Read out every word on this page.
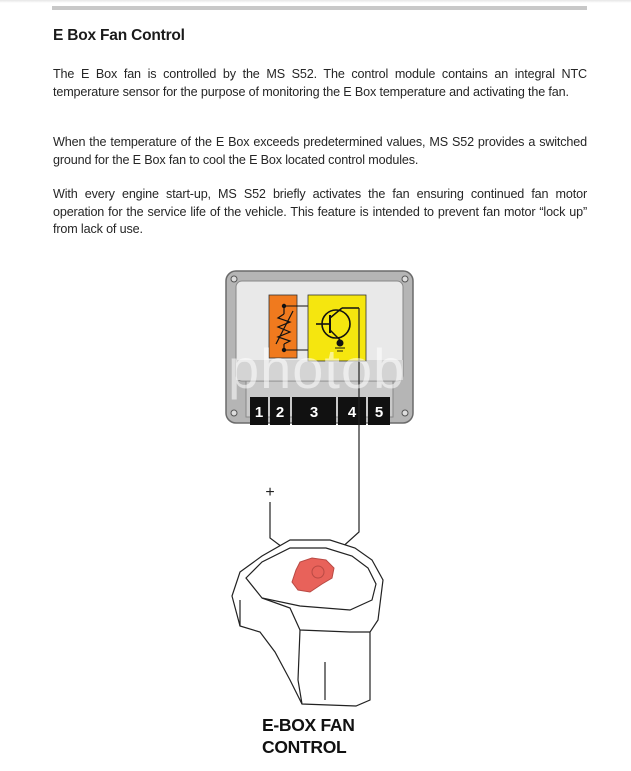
E Box Fan Control

The E Box fan is controlled by the MS S52. The control module contains an integral NTC temperature sensor for the purpose of monitoring the E Box temperature and activating the fan.

When the temperature of the E Box exceeds predetermined values, MS S52 provides a switched ground for the E Box fan to cool the E Box located control modules.

With every engine start-up, MS S52 briefly activates the fan ensuring continued fan motor operation for the service life of the vehicle. This feature is intended to prevent fan motor “lock up” from lack of use.

1 2 3 4 5
+
photob
E-BOX FAN
CONTROL
